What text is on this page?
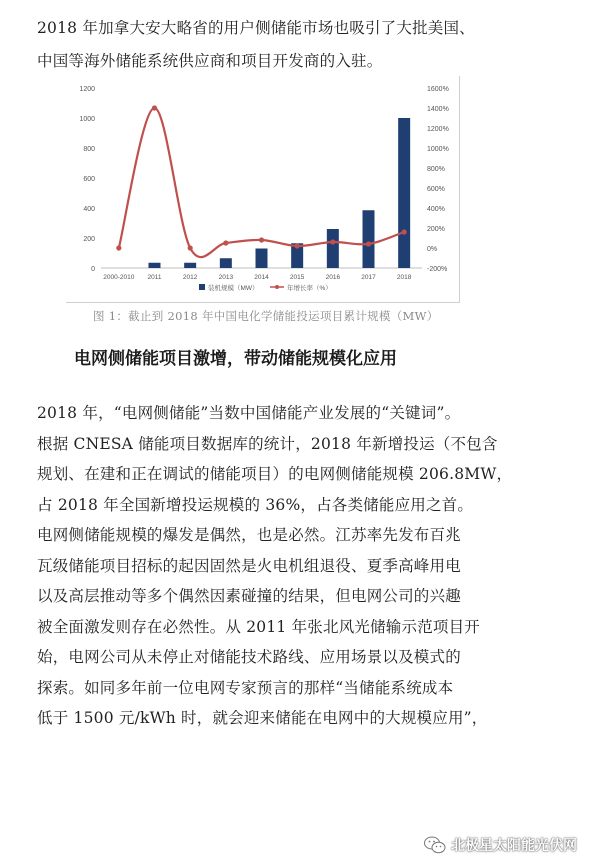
2018 年加拿大安大略省的用户侧储能市场也吸引了大批美国、
中国等海外储能系统供应商和项目开发商的入驻。
0
200
400
600
800
1000
1200
-200%
0%
200%
400%
600%
800%
1000%
1200%
1400%
1600%
2000-2010 2011	2012	2013	2014	2015	2016	2017	2018
装机规模（MW）	年增长率（%）
图 1：截止到 2018 年中国电化学储能投运项目累计规模（MW）
电网侧储能项目激增，带动储能规模化应用
2018 年，“电网侧储能”当数中国储能产业发展的“关键词”。
根据 CNESA 储能项目数据库的统计，2018 年新增投运（不包含
规划、在建和正在调试的储能项目）的电网侧储能规模 206.8MW，
占 2018 年全国新增投运规模的 36%，占各类储能应用之首。
电网侧储能规模的爆发是偶然，也是必然。江苏率先发布百兆
瓦级储能项目招标的起因固然是火电机组退役、夏季高峰用电
以及高层推动等多个偶然因素碰撞的结果，但电网公司的兴趣
被全面激发则存在必然性。从 2011 年张北风光储输示范项目开
始，电网公司从未停止对储能技术路线、应用场景以及模式的
探索。如同多年前一位电网专家预言的那样“当储能系统成本
低于 1500 元/kWh 时，就会迎来储能在电网中的大规模应用”，
北极星太阳能光伏网
